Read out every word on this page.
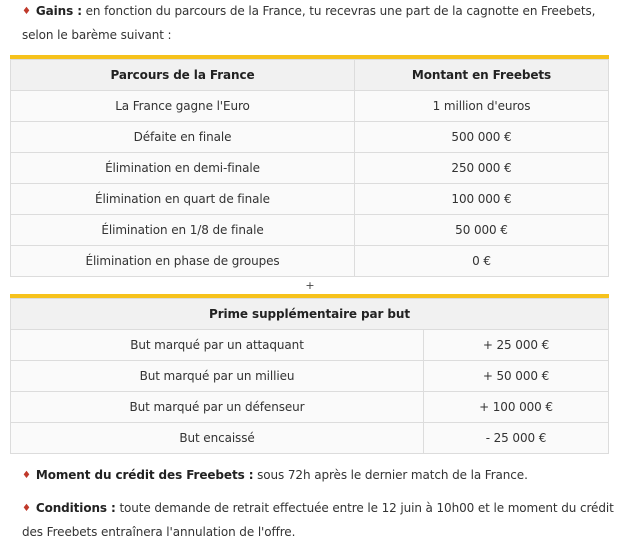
♦ Gains : en fonction du parcours de la France, tu recevras une part de la cagnotte en Freebets, selon le barème suivant :
Parcours de la France	Montant en Freebets
La France gagne l'Euro	1 million d'euros
Défaite en finale	500 000 €
Élimination en demi-finale	250 000 €
Élimination en quart de finale	100 000 €
Élimination en 1/8 de finale	50 000 €
Élimination en phase de groupes	0 €
+
Prime supplémentaire par but	
But marqué par un attaquant	+ 25 000 €
But marqué par un millieu	+ 50 000 €
But marqué par un défenseur	+ 100 000 €
But encaissé	- 25 000 €
♦ Moment du crédit des Freebets : sous 72h après le dernier match de la France.
♦ Conditions : toute demande de retrait effectuée entre le 12 juin à 10h00 et le moment du crédit des Freebets entraînera l'annulation de l'offre.
